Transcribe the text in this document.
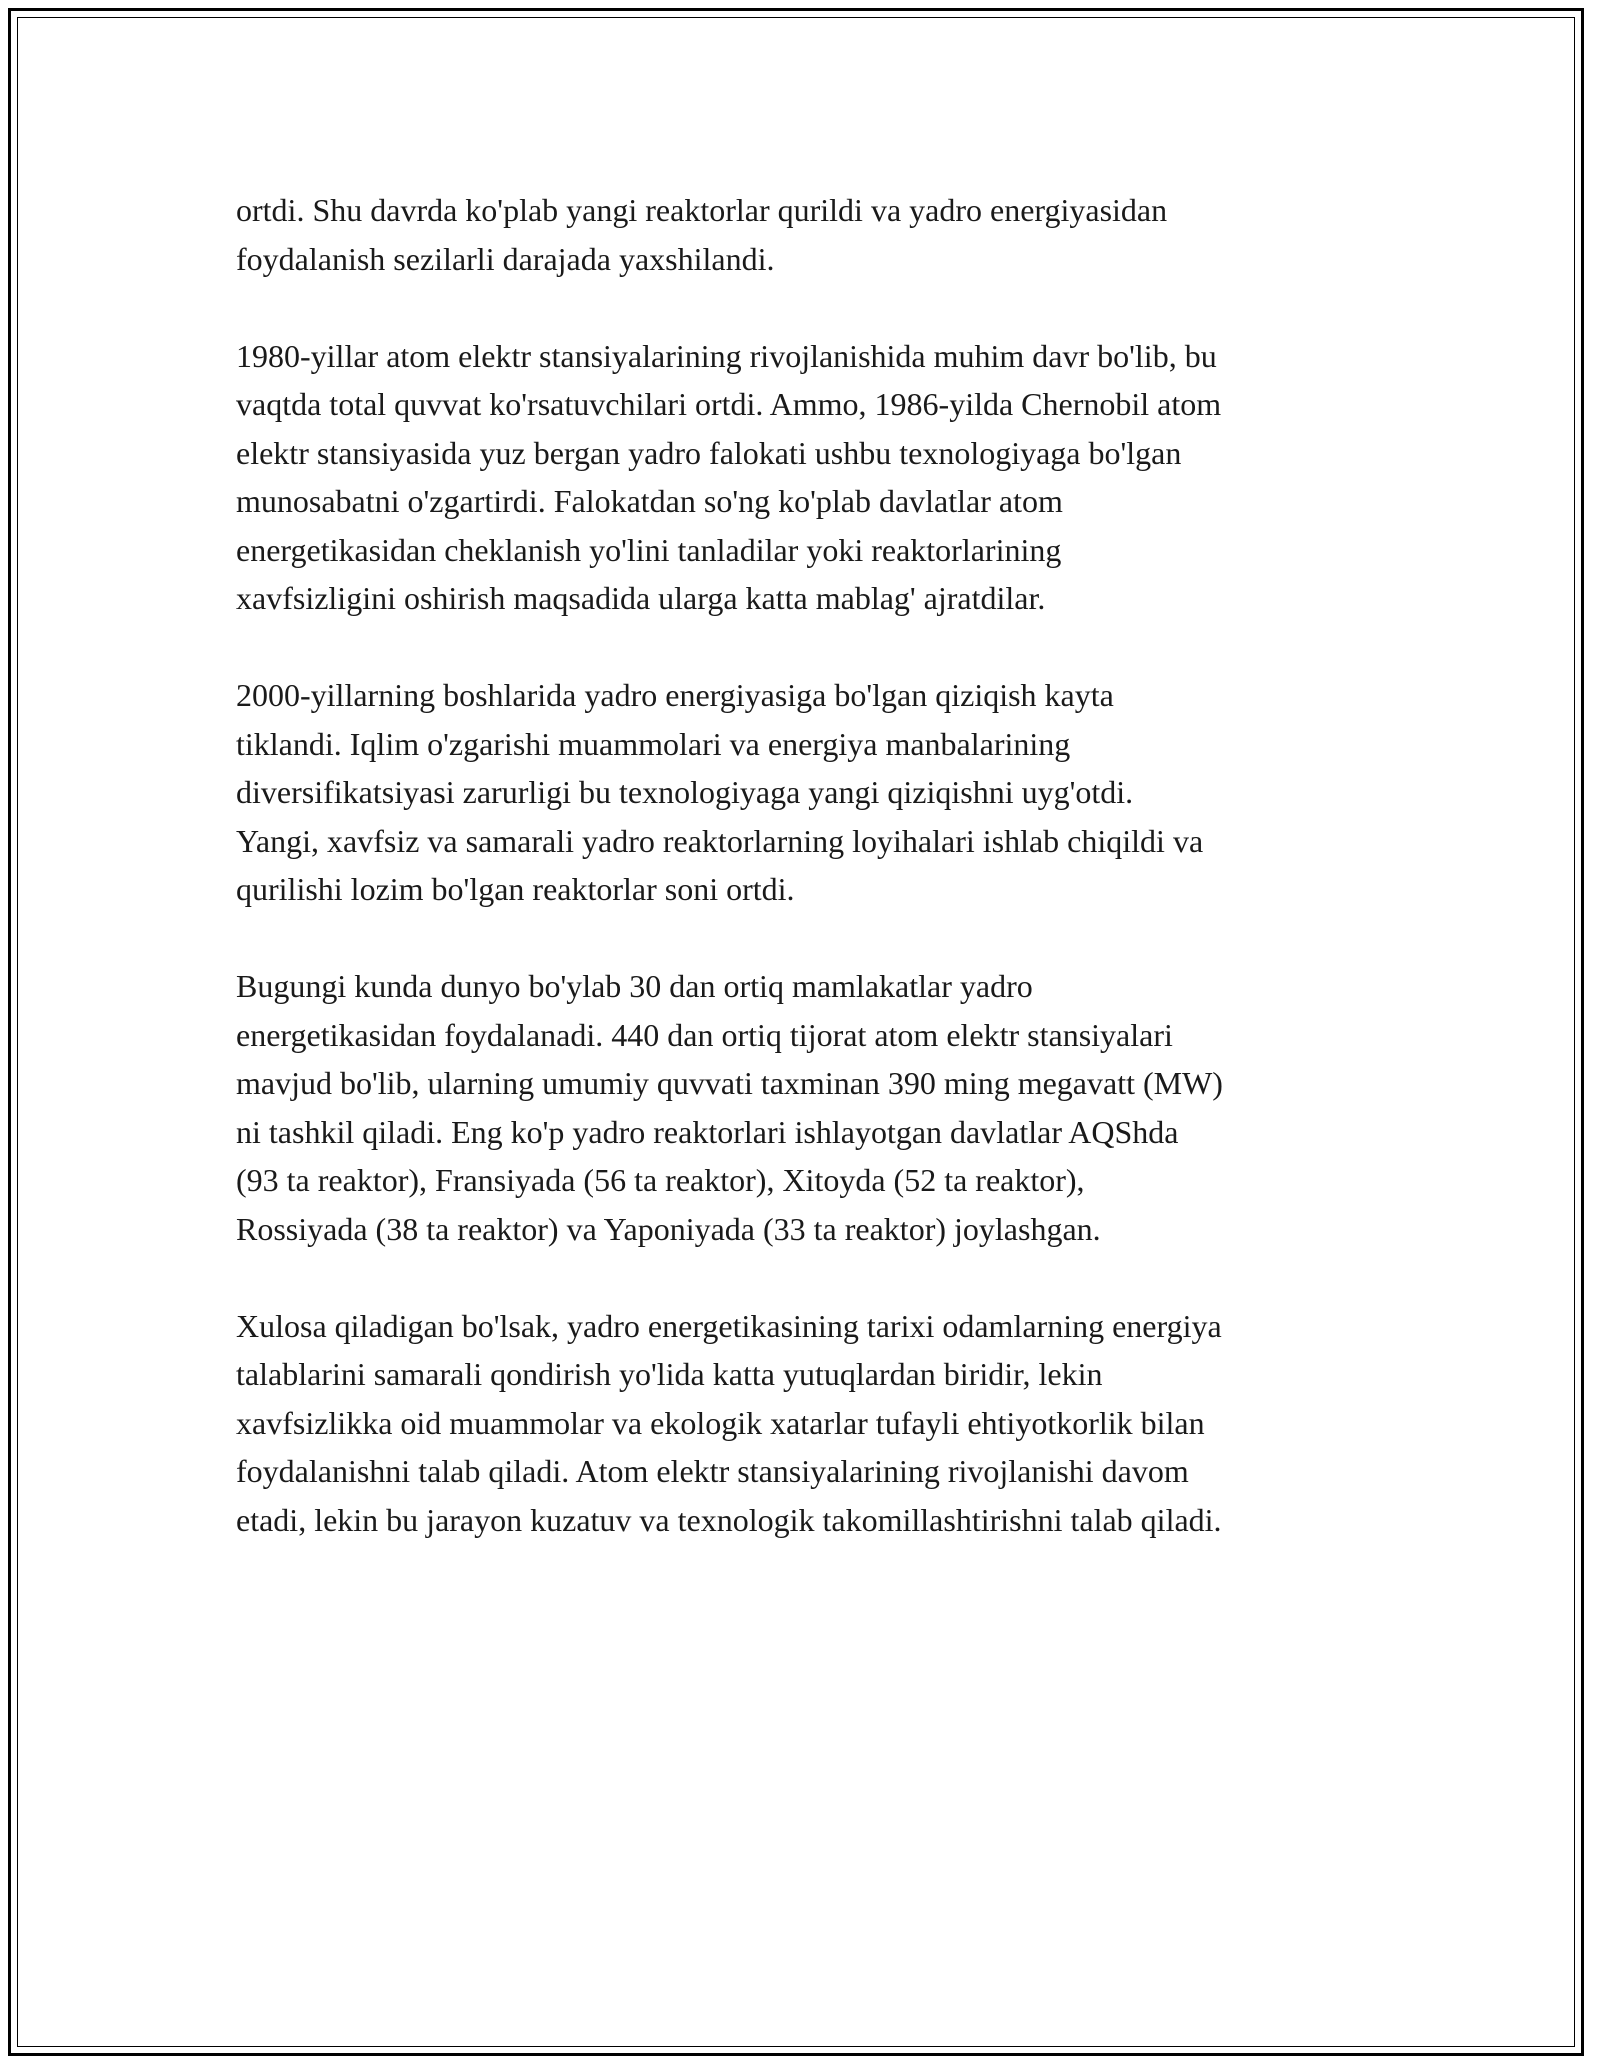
ortdi. Shu davrda ko'plab yangi reaktorlar qurildi va yadro energiyasidan
foydalanish sezilarli darajada yaxshilandi.

1980-yillar atom elektr stansiyalarining rivojlanishida muhim davr bo'lib, bu
vaqtda total quvvat ko'rsatuvchilari ortdi. Ammo, 1986-yilda Chernobil atom
elektr stansiyasida yuz bergan yadro falokati ushbu texnologiyaga bo'lgan
munosabatni o'zgartirdi. Falokatdan so'ng ko'plab davlatlar atom
energetikasidan cheklanish yo'lini tanladilar yoki reaktorlarining
xavfsizligini oshirish maqsadida ularga katta mablag' ajratdilar.

2000-yillarning boshlarida yadro energiyasiga bo'lgan qiziqish kayta
tiklandi. Iqlim o'zgarishi muammolari va energiya manbalarining
diversifikatsiyasi zarurligi bu texnologiyaga yangi qiziqishni uyg'otdi.
Yangi, xavfsiz va samarali yadro reaktorlarning loyihalari ishlab chiqildi va
qurilishi lozim bo'lgan reaktorlar soni ortdi.

Bugungi kunda dunyo bo'ylab 30 dan ortiq mamlakatlar yadro
energetikasidan foydalanadi. 440 dan ortiq tijorat atom elektr stansiyalari
mavjud bo'lib, ularning umumiy quvvati taxminan 390 ming megavatt (MW)
ni tashkil qiladi. Eng ko'p yadro reaktorlari ishlayotgan davlatlar AQShda
(93 ta reaktor), Fransiyada (56 ta reaktor), Xitoyda (52 ta reaktor),
Rossiyada (38 ta reaktor) va Yaponiyada (33 ta reaktor) joylashgan.

Xulosa qiladigan bo'lsak, yadro energetikasining tarixi odamlarning energiya
talablarini samarali qondirish yo'lida katta yutuqlardan biridir, lekin
xavfsizlikka oid muammolar va ekologik xatarlar tufayli ehtiyotkorlik bilan
foydalanishni talab qiladi. Atom elektr stansiyalarining rivojlanishi davom
etadi, lekin bu jarayon kuzatuv va texnologik takomillashtirishni talab qiladi.
